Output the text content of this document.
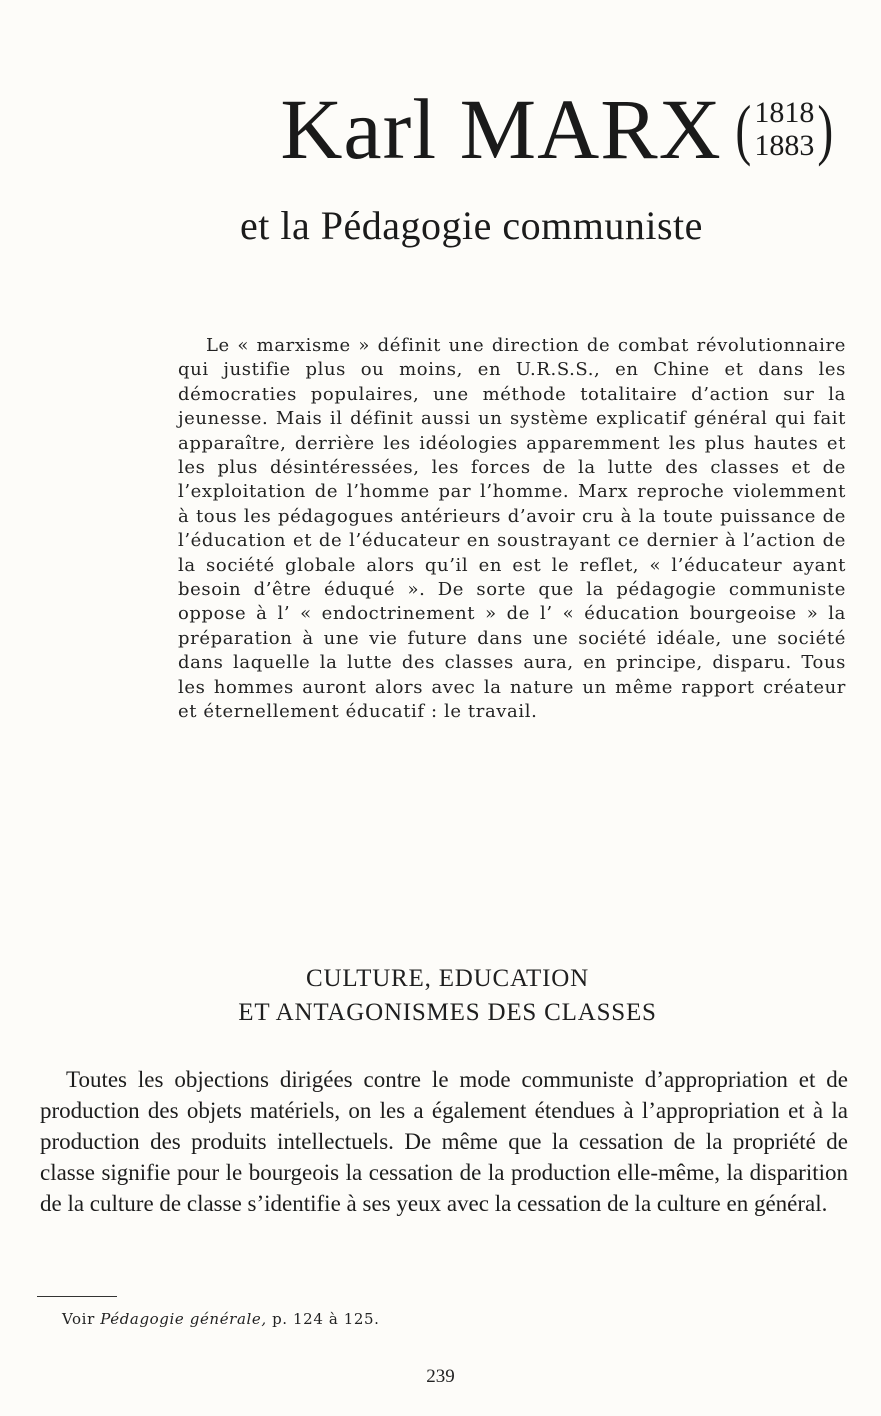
Karl MARX ( 1818
1883 )
et la Pédagogie communiste

Le « marxisme » définit une direction de combat révolutionnaire qui justifie plus ou moins, en U.R.S.S., en Chine et dans les démocraties populaires, une méthode totalitaire d’action sur la jeunesse. Mais il définit aussi un système explicatif général qui fait apparaître, derrière les idéologies apparemment les plus hautes et les plus désintéressées, les forces de la lutte des classes et de l’exploitation de l’homme par l’homme. Marx reproche violemment à tous les pédagogues antérieurs d’avoir cru à la toute puissance de l’éducation et de l’éducateur en soustrayant ce dernier à l’action de la société globale alors qu’il en est le reflet, « l’éducateur ayant besoin d’être éduqué ». De sorte que la pédagogie communiste oppose à l’ « endoctrinement » de l’ « éducation bourgeoise » la préparation à une vie future dans une société idéale, une société dans laquelle la lutte des classes aura, en principe, disparu. Tous les hommes auront alors avec la nature un même rapport créateur et éternellement éducatif : le travail.

CULTURE, EDUCATION
ET ANTAGONISMES DES CLASSES

Toutes les objections dirigées contre le mode communiste d’appropriation et de production des objets matériels, on les a également étendues à l’appropriation et à la production des produits intellectuels. De même que la cessation de la propriété de classe signifie pour le bourgeois la cessation de la production elle-même, la disparition de la culture de classe s’identifie à ses yeux avec la cessation de la culture en général.

Voir Pédagogie générale, p. 124 à 125.
239
